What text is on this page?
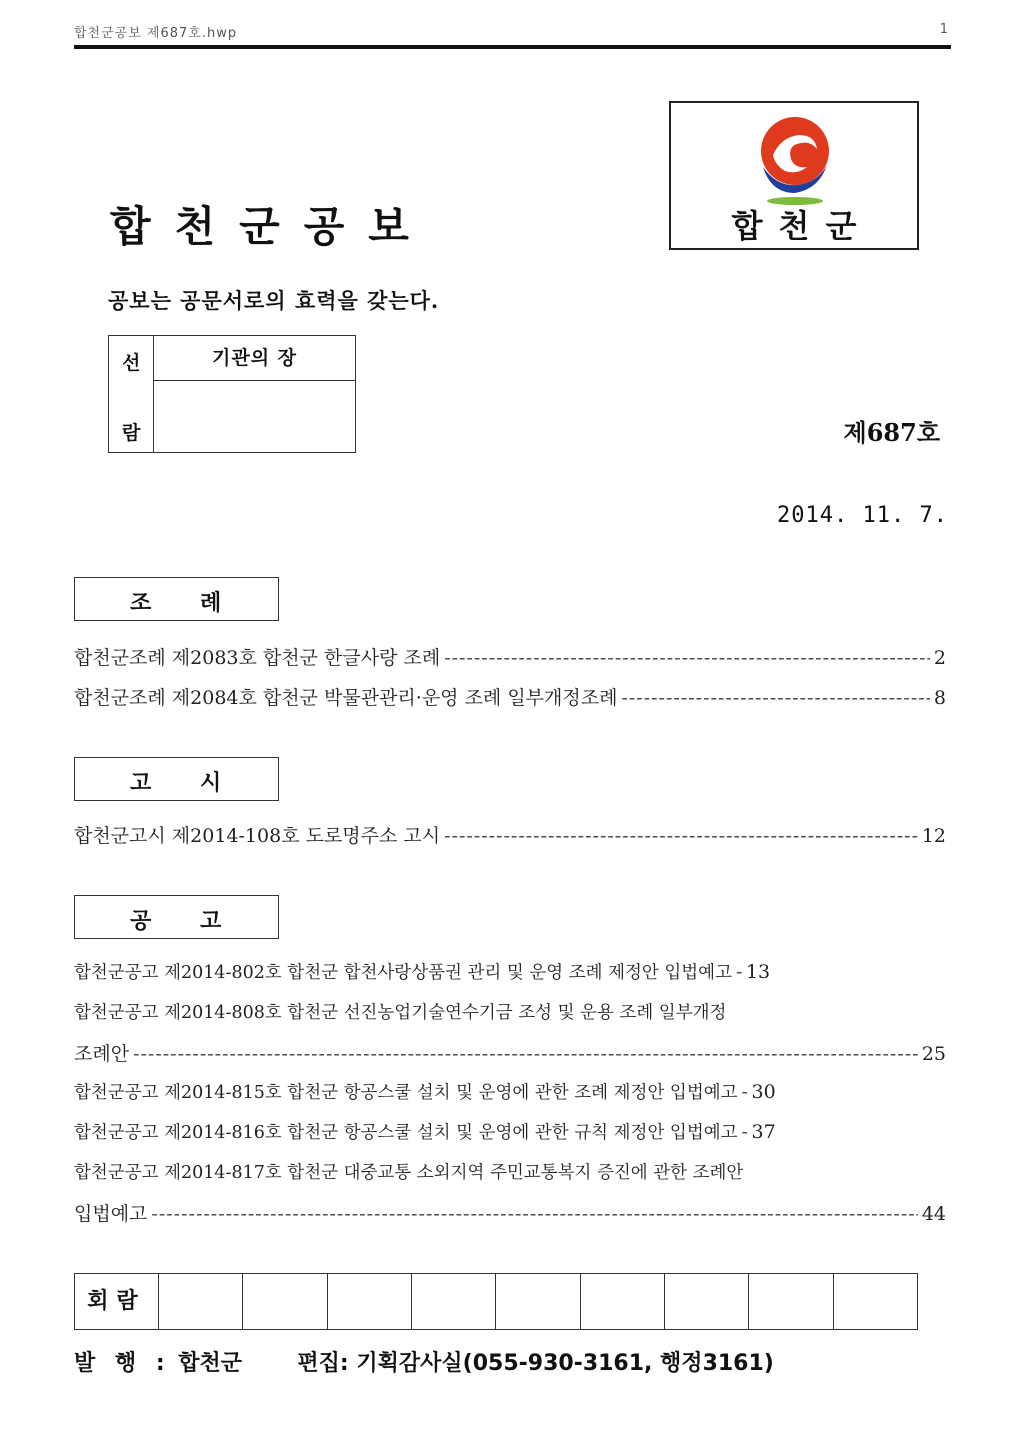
합천군공보 제687호.hwp	1
합천군공보
공보는 공문서로의 효력을 갖는다.
합천군
선
람
기관의 장
제687호
2014. 11. 7.
조 례
합천군조례 제2083호 합천군 한글사랑 조례 -----	2
합천군조례 제2084호 합천군 박물관관리·운영 조례 일부개정조례 -----	8
고 시
합천군고시 제2014-108호 도로명주소 고시 -----	12
공 고
합천군공고 제2014-802호 합천군 합천사랑상품권 관리 및 운영 조례 제정안 입법예고 ----- 13
합천군공고 제2014-808호 합천군 선진농업기술연수기금 조성 및 운용 조례 일부개정
조례안 -----	25
합천군공고 제2014-815호 합천군 항공스쿨 설치 및 운영에 관한 조례 제정안 입법예고 ----- 30
합천군공고 제2014-816호 합천군 항공스쿨 설치 및 운영에 관한 규칙 제정안 입법예고 ----- 37
합천군공고 제2014-817호 합천군 대중교통 소외지역 주민교통복지 증진에 관한 조례안
입법예고 -----	44
회람
발 행 : 합천군	편집: 기획감사실(055-930-3161, 행정3161)
